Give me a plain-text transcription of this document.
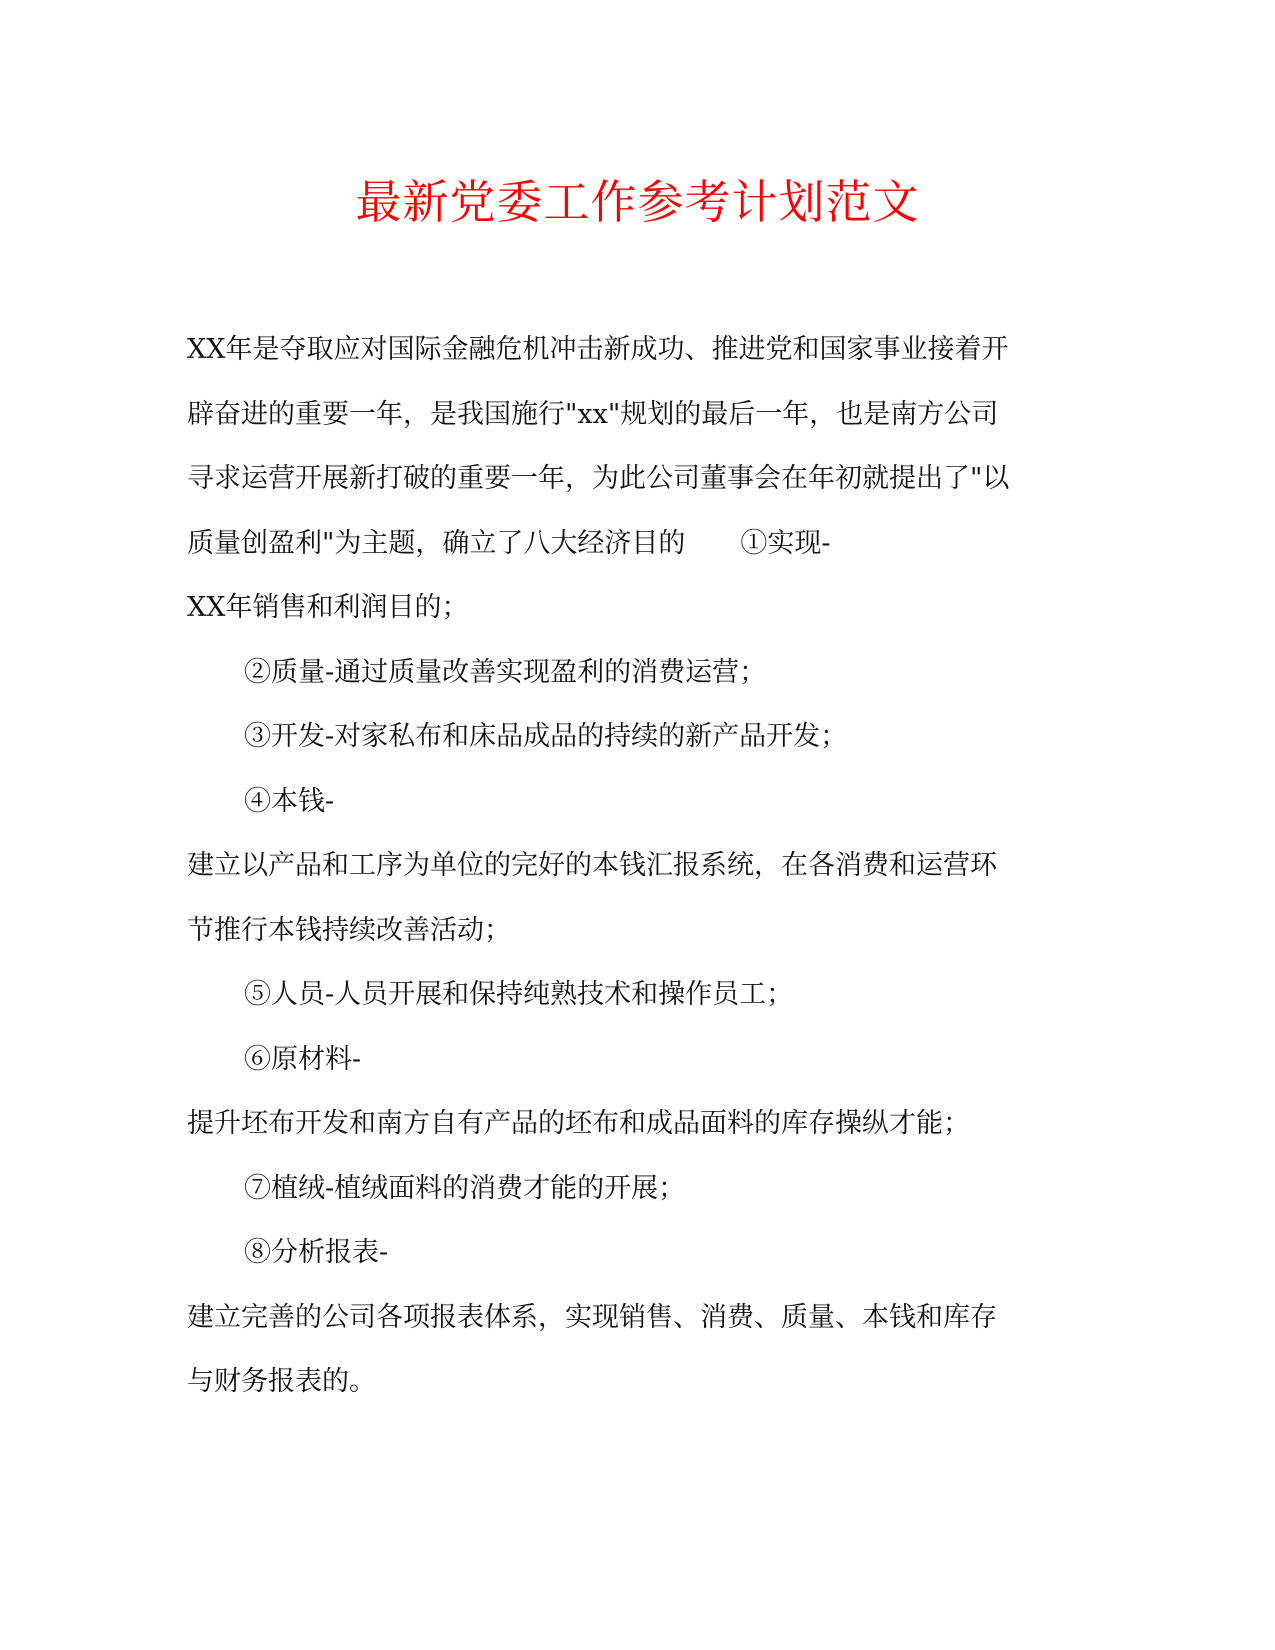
最新党委工作参考计划范文
XX年是夺取应对国际金融危机冲击新成功、推进党和国家事业接着开
辟奋进的重要一年，是我国施行"xx"规划的最后一年，也是南方公司
寻求运营开展新打破的重要一年，为此公司董事会在年初就提出了"以
质量创盈利"为主题，确立了八大经济目的 ①实现-
XX年销售和利润目的；
②质量-通过质量改善实现盈利的消费运营；
③开发-对家私布和床品成品的持续的新产品开发；
④本钱-
建立以产品和工序为单位的完好的本钱汇报系统，在各消费和运营环
节推行本钱持续改善活动；
⑤人员-人员开展和保持纯熟技术和操作员工；
⑥原材料-
提升坯布开发和南方自有产品的坯布和成品面料的库存操纵才能；
⑦植绒-植绒面料的消费才能的开展；
⑧分析报表-
建立完善的公司各项报表体系，实现销售、消费、质量、本钱和库存
与财务报表的。
